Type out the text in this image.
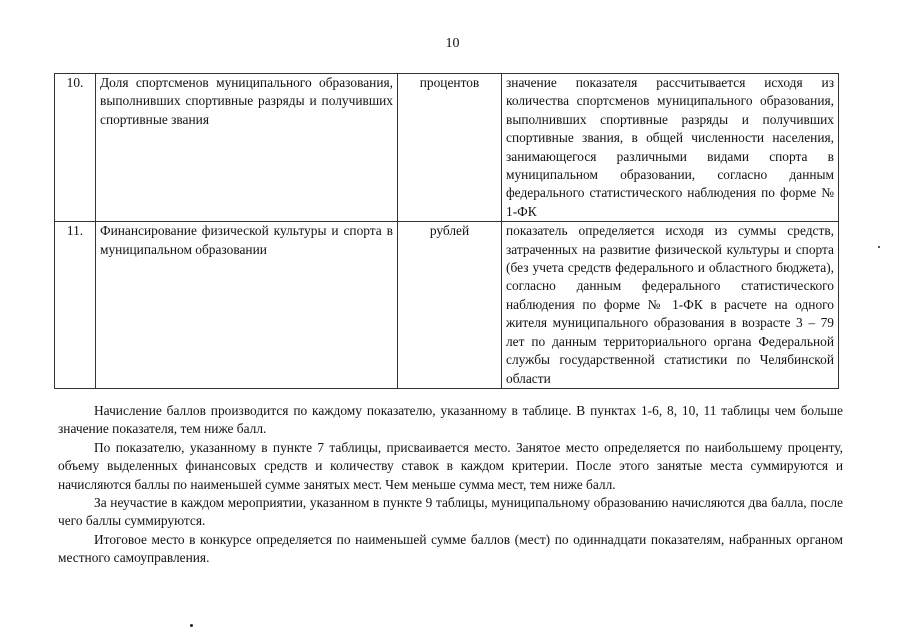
10
10.	Доля спортсменов муниципального образования, выполнивших спортивные разряды и получивших спортивные звания	процентов	значение показателя рассчитывается исходя из количества спортсменов муниципального образования, выполнивших спортивные разряды и получивших спортивные звания, в общей численности населения, занимающегося различными видами спорта в муниципальном образовании, согласно данным федерального статистического наблюдения по форме № 1-ФК
11.	Финансирование физической культуры и спорта в муниципальном образовании	рублей	показатель определяется исходя из суммы средств, затраченных на развитие физической культуры и спорта (без учета средств федерального и областного бюджета), согласно данным федерального статистического наблюдения по форме № 1-ФК в расчете на одного жителя муниципального образования в возрасте 3 – 79 лет по данным территориального органа Федеральной службы государственной статистики по Челябинской области

Начисление баллов производится по каждому показателю, указанному в таблице. В пунктах 1-6, 8, 10, 11 таблицы чем больше значение показателя, тем ниже балл.

По показателю, указанному в пункте 7 таблицы, присваивается место. Занятое место определяется по наибольшему проценту, объему выделенных финансовых средств и количеству ставок в каждом критерии. После этого занятые места суммируются и начисляются баллы по наименьшей сумме занятых мест. Чем меньше сумма мест, тем ниже балл.

За неучастие в каждом мероприятии, указанном в пункте 9 таблицы, муниципальному образованию начисляются два балла, после чего баллы суммируются.

Итоговое место в конкурсе определяется по наименьшей сумме баллов (мест) по одиннадцати показателям, набранных органом местного самоуправления.
